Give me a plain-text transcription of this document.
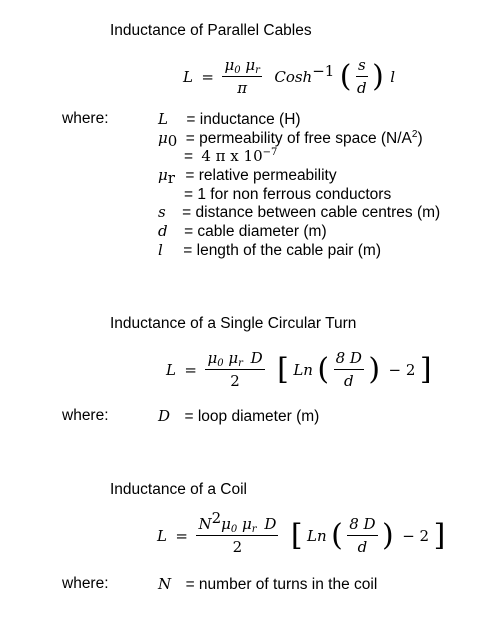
Inductance of Parallel Cables
$L = \frac{\mu_0 \mu_r}{\pi}$ Cosh$^{-1}$ ( $\frac{s}{d}$ ) l
where:	L = inductance (H)
$\mu_0$ = permeability of free space $(N/A^2)$
= 4 π x $10^{-7}$
$\mu_r$ = relative permeability
= 1 for non ferrous conductors
s = distance between cable centres (m)
d = cable diameter (m)
l = length of the cable pair (m)
Inductance of a Single Circular Turn
$L = \frac{\mu_0 \mu_r D}{2}$ [ Ln ( $\frac{8 D}{d}$ ) − 2 ]
where:	D = loop diameter (m)
Inductance of a Coil
$L = \frac{N^2\mu_0 \mu_r D}{2}$ [ Ln ( $\frac{8 D}{d}$ ) − 2 ]
where:	N = number of turns in the coil
